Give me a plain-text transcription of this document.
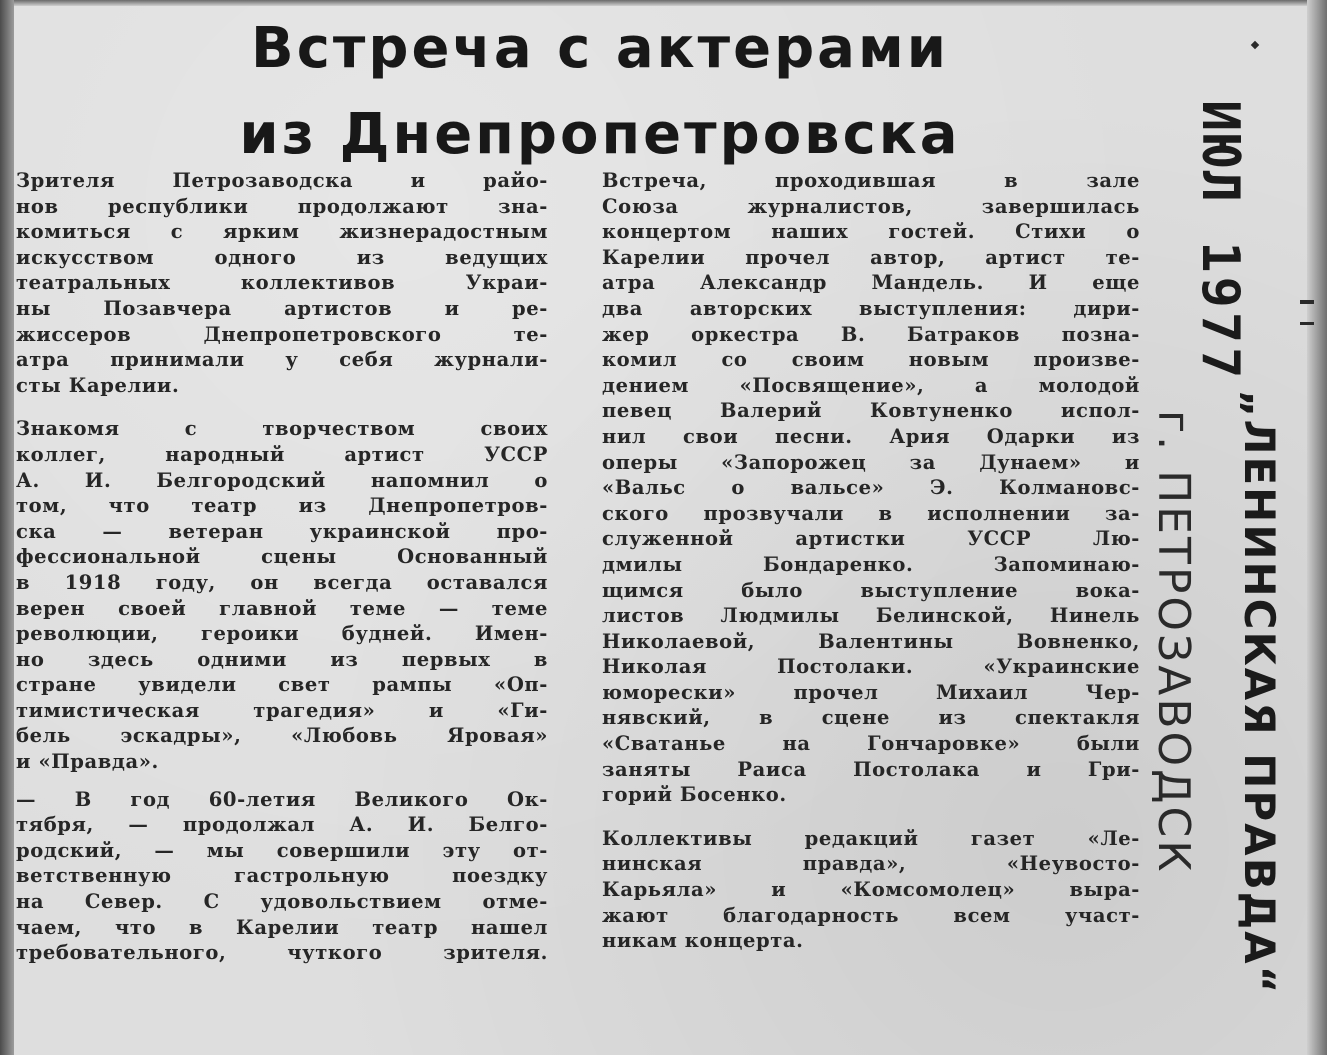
Встреча с актерами
из Днепропетровска

Зрителя Петрозаводска и райо-
нов республики продолжают зна-
комиться с ярким жизнерадостным
искусством одного из ведущих
театральных коллективов Украи-
ны Позавчера артистов и ре-
жиссеров Днепропетровского те-
атра принимали у себя журнали-
сты Карелии.

Знакомя с творчеством своих
коллег, народный артист УССР
А. И. Белгородский напомнил о
том, что театр из Днепропетров-
ска — ветеран украинской про-
фессиональной сцены Основанный
в 1918 году, он всегда оставался
верен своей главной теме — теме
революции, героики будней. Имен-
но здесь одними из первых в
стране увидели свет рампы «Оп-
тимистическая трагедия» и «Ги-
бель эскадры», «Любовь Яровая»
и «Правда».

— В год 60-летия Великого Ок-
тября, — продолжал А. И. Белго-
родский, — мы совершили эту от-
ветственную гастрольную поездку
на Север. С удовольствием отме-
чаем, что в Карелии театр нашел
требовательного, чуткого зрителя.

Встреча, проходившая в зале
Союза журналистов, завершилась
концертом наших гостей. Стихи о
Карелии прочел автор, артист те-
атра Александр Мандель. И еще
два авторских выступления: дири-
жер оркестра В. Батраков позна-
комил со своим новым произве-
дением «Посвящение», а молодой
певец Валерий Ковтуненко испол-
нил свои песни. Ария Одарки из
оперы «Запорожец за Дунаем» и
«Вальс о вальсе» Э. Колмановс-
ского прозвучали в исполнении за-
служенной артистки УССР Лю-
дмилы Бондаренко. Запоминаю-
щимся было выступление вока-
листов Людмилы Белинской, Нинель
Николаевой, Валентины Вовненко,
Николая Постолаки. «Украинские
юморески» прочел Михаил Чер-
нявский, в сцене из спектакля
«Сватанье на Гончаровке» были
заняты Раиса Постолака и Гри-
горий Босенко.

Коллективы редакций газет «Ле-
нинская правда», «Неувосто-
Карьяла» и «Комсомолец» выра-
жают благодарность всем участ-
никам концерта.

ИЮЛ 1977
„ЛЕНИНСКАЯ ПРАВДА“
г. ПЕТРОЗАВОДСК
